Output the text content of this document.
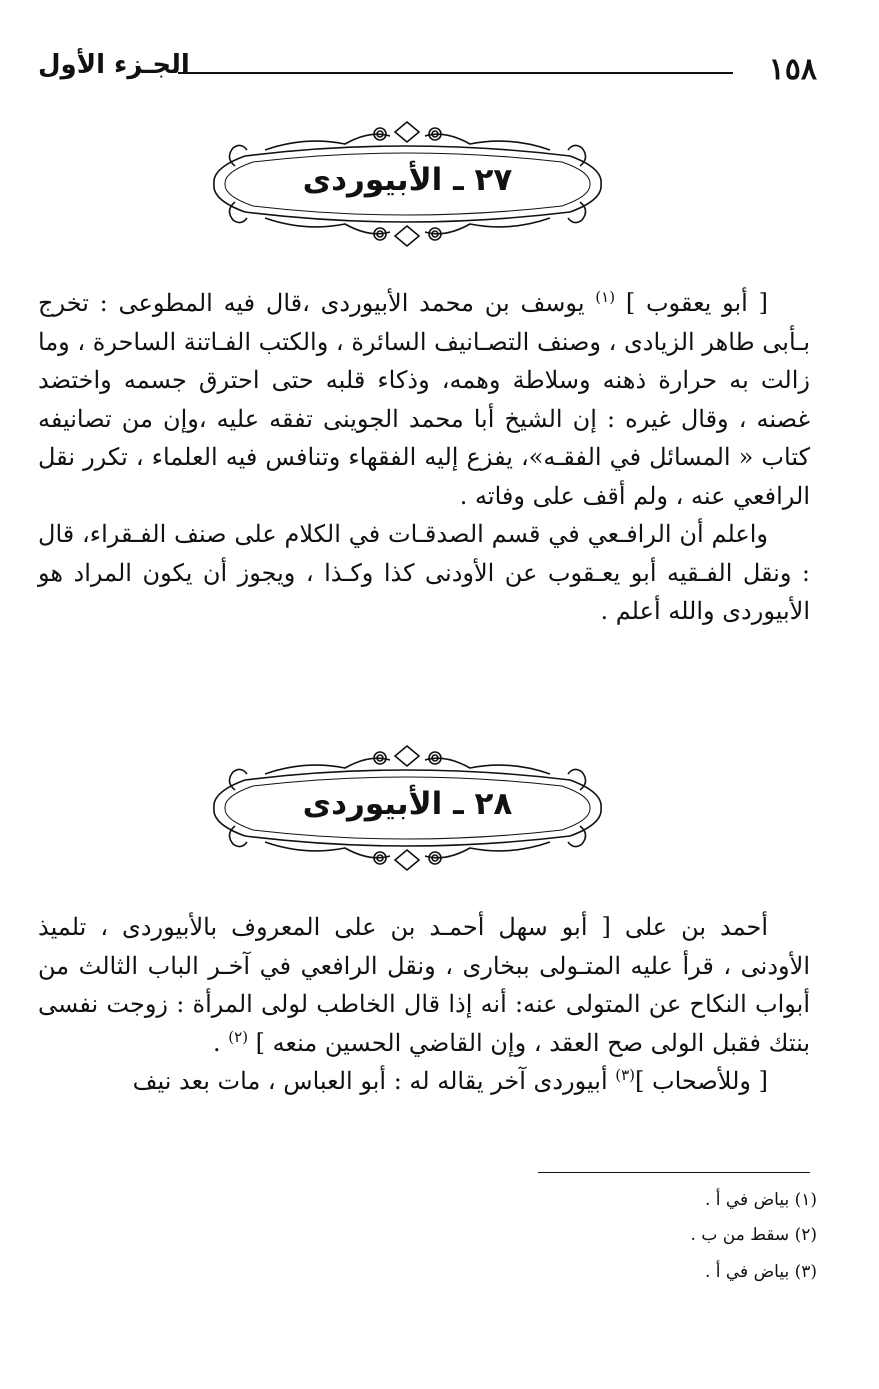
١٥٨
الجـزء الأول
٢٧ ـ الأبيوردى

[ أبو يعقوب ] $^{(١)}$ يوسف بن محمد الأبيوردى ،قال فيه المطوعى : تخرج بـأبى طاهر الزيادى ، وصنف التصـانيف السائرة ، والكتب الفـاتنة الساحرة ، وما زالت به حرارة ذهنه وسلاطة وهمه، وذكاء قلبه حتى احترق جسمه واختضد غصنه ، وقال غيره : إن الشيخ أبا محمد الجوينى تفقه عليه ،وإن من تصانيفه كتاب « المسائل في الفقـه»، يفزع إليه الفقهاء وتنافس فيه العلماء ، تكرر نقل الرافعي عنه ، ولم أقف على وفاته .

واعلم أن الرافـعي في قسم الصدقـات في الكلام على صنف الفـقراء، قال : ونقل الفـقيه أبو يعـقوب عن الأودنى كذا وكـذا ، ويجوز أن يكون المراد هو الأبيوردى والله أعلم .

٢٨ ـ الأبيوردى

أحمد بن على [ أبو سهل أحمـد بن على المعروف بالأبيوردى ، تلميذ الأودنى ، قرأ عليه المتـولى ببخارى ، ونقل الرافعي في آخـر الباب الثالث من أبواب النكاح عن المتولى عنه: أنه إذا قال الخاطب لولى المرأة : زوجت نفسى بنتك فقبل الولى صح العقد ، وإن القاضي الحسين منعه ] $^{(٢)}$ .

[ وللأصحاب ]$^{(٣)}$ أبيوردى آخر يقاله له : أبو العباس ، مات بعد نيف

(١) بياض في أ .
(٢) سقط من ب .
(٣) بياض في أ .
